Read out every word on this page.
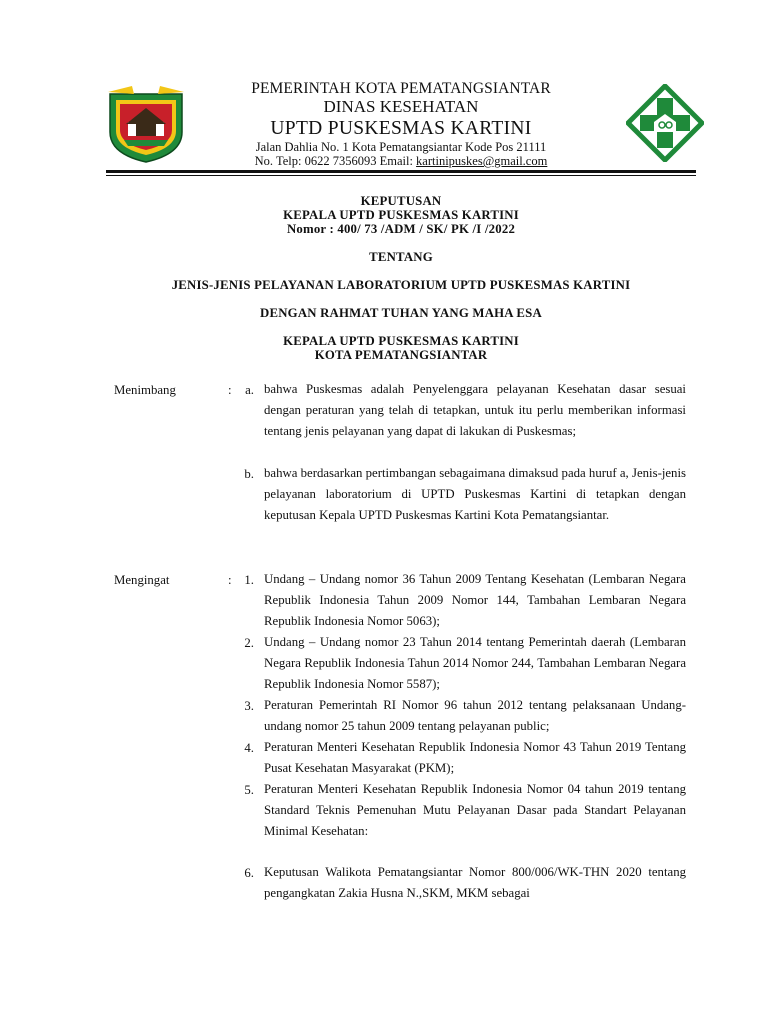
PEMERINTAH KOTA PEMATANGSIANTAR
DINAS KESEHATAN
UPTD PUSKESMAS KARTINI
Jalan Dahlia No. 1 Kota Pematangsiantar Kode Pos 21111
No. Telp: 0622 7356093 Email: kartinipuskes@gmail.com
KEPUTUSAN
KEPALA UPTD PUSKESMAS KARTINI
Nomor : 400/ 73 /ADM / SK/ PK /I /2022
TENTANG
JENIS-JENIS PELAYANAN LABORATORIUM UPTD PUSKESMAS KARTINI
DENGAN RAHMAT TUHAN YANG MAHA ESA
KEPALA UPTD PUSKESMAS KARTINI
KOTA PEMATANGSIANTAR
Menimbang	:	a. bahwa Puskesmas adalah Penyelenggara pelayanan Kesehatan dasar sesuai dengan peraturan yang telah di tetapkan, untuk itu perlu memberikan informasi tentang jenis pelayanan yang dapat di lakukan di Puskesmas;
b. bahwa berdasarkan pertimbangan sebagaimana dimaksud pada huruf a, Jenis-jenis pelayanan laboratorium di UPTD Puskesmas Kartini di tetapkan dengan keputusan Kepala UPTD Puskesmas Kartini Kota Pematangsiantar.
Mengingat	:	1. Undang – Undang nomor 36 Tahun 2009 Tentang Kesehatan (Lembaran Negara Republik Indonesia Tahun 2009 Nomor 144, Tambahan Lembaran Negara Republik Indonesia Nomor 5063);
2. Undang – Undang nomor 23 Tahun 2014 tentang Pemerintah daerah (Lembaran Negara Republik Indonesia Tahun 2014 Nomor 244, Tambahan Lembaran Negara Republik Indonesia Nomor 5587);
3. Peraturan Pemerintah RI Nomor 96 tahun 2012 tentang pelaksanaan Undang-undang nomor 25 tahun 2009 tentang pelayanan public;
4. Peraturan Menteri Kesehatan Republik Indonesia Nomor 43 Tahun 2019 Tentang Pusat Kesehatan Masyarakat (PKM);
5. Peraturan Menteri Kesehatan Republik Indonesia Nomor 04 tahun 2019 tentang Standard Teknis Pemenuhan Mutu Pelayanan Dasar pada Standart Pelayanan Minimal Kesehatan:
6. Keputusan Walikota Pematangsiantar Nomor 800/006/WK-THN 2020 tentang pengangkatan Zakia Husna N.,SKM, MKM sebagai
